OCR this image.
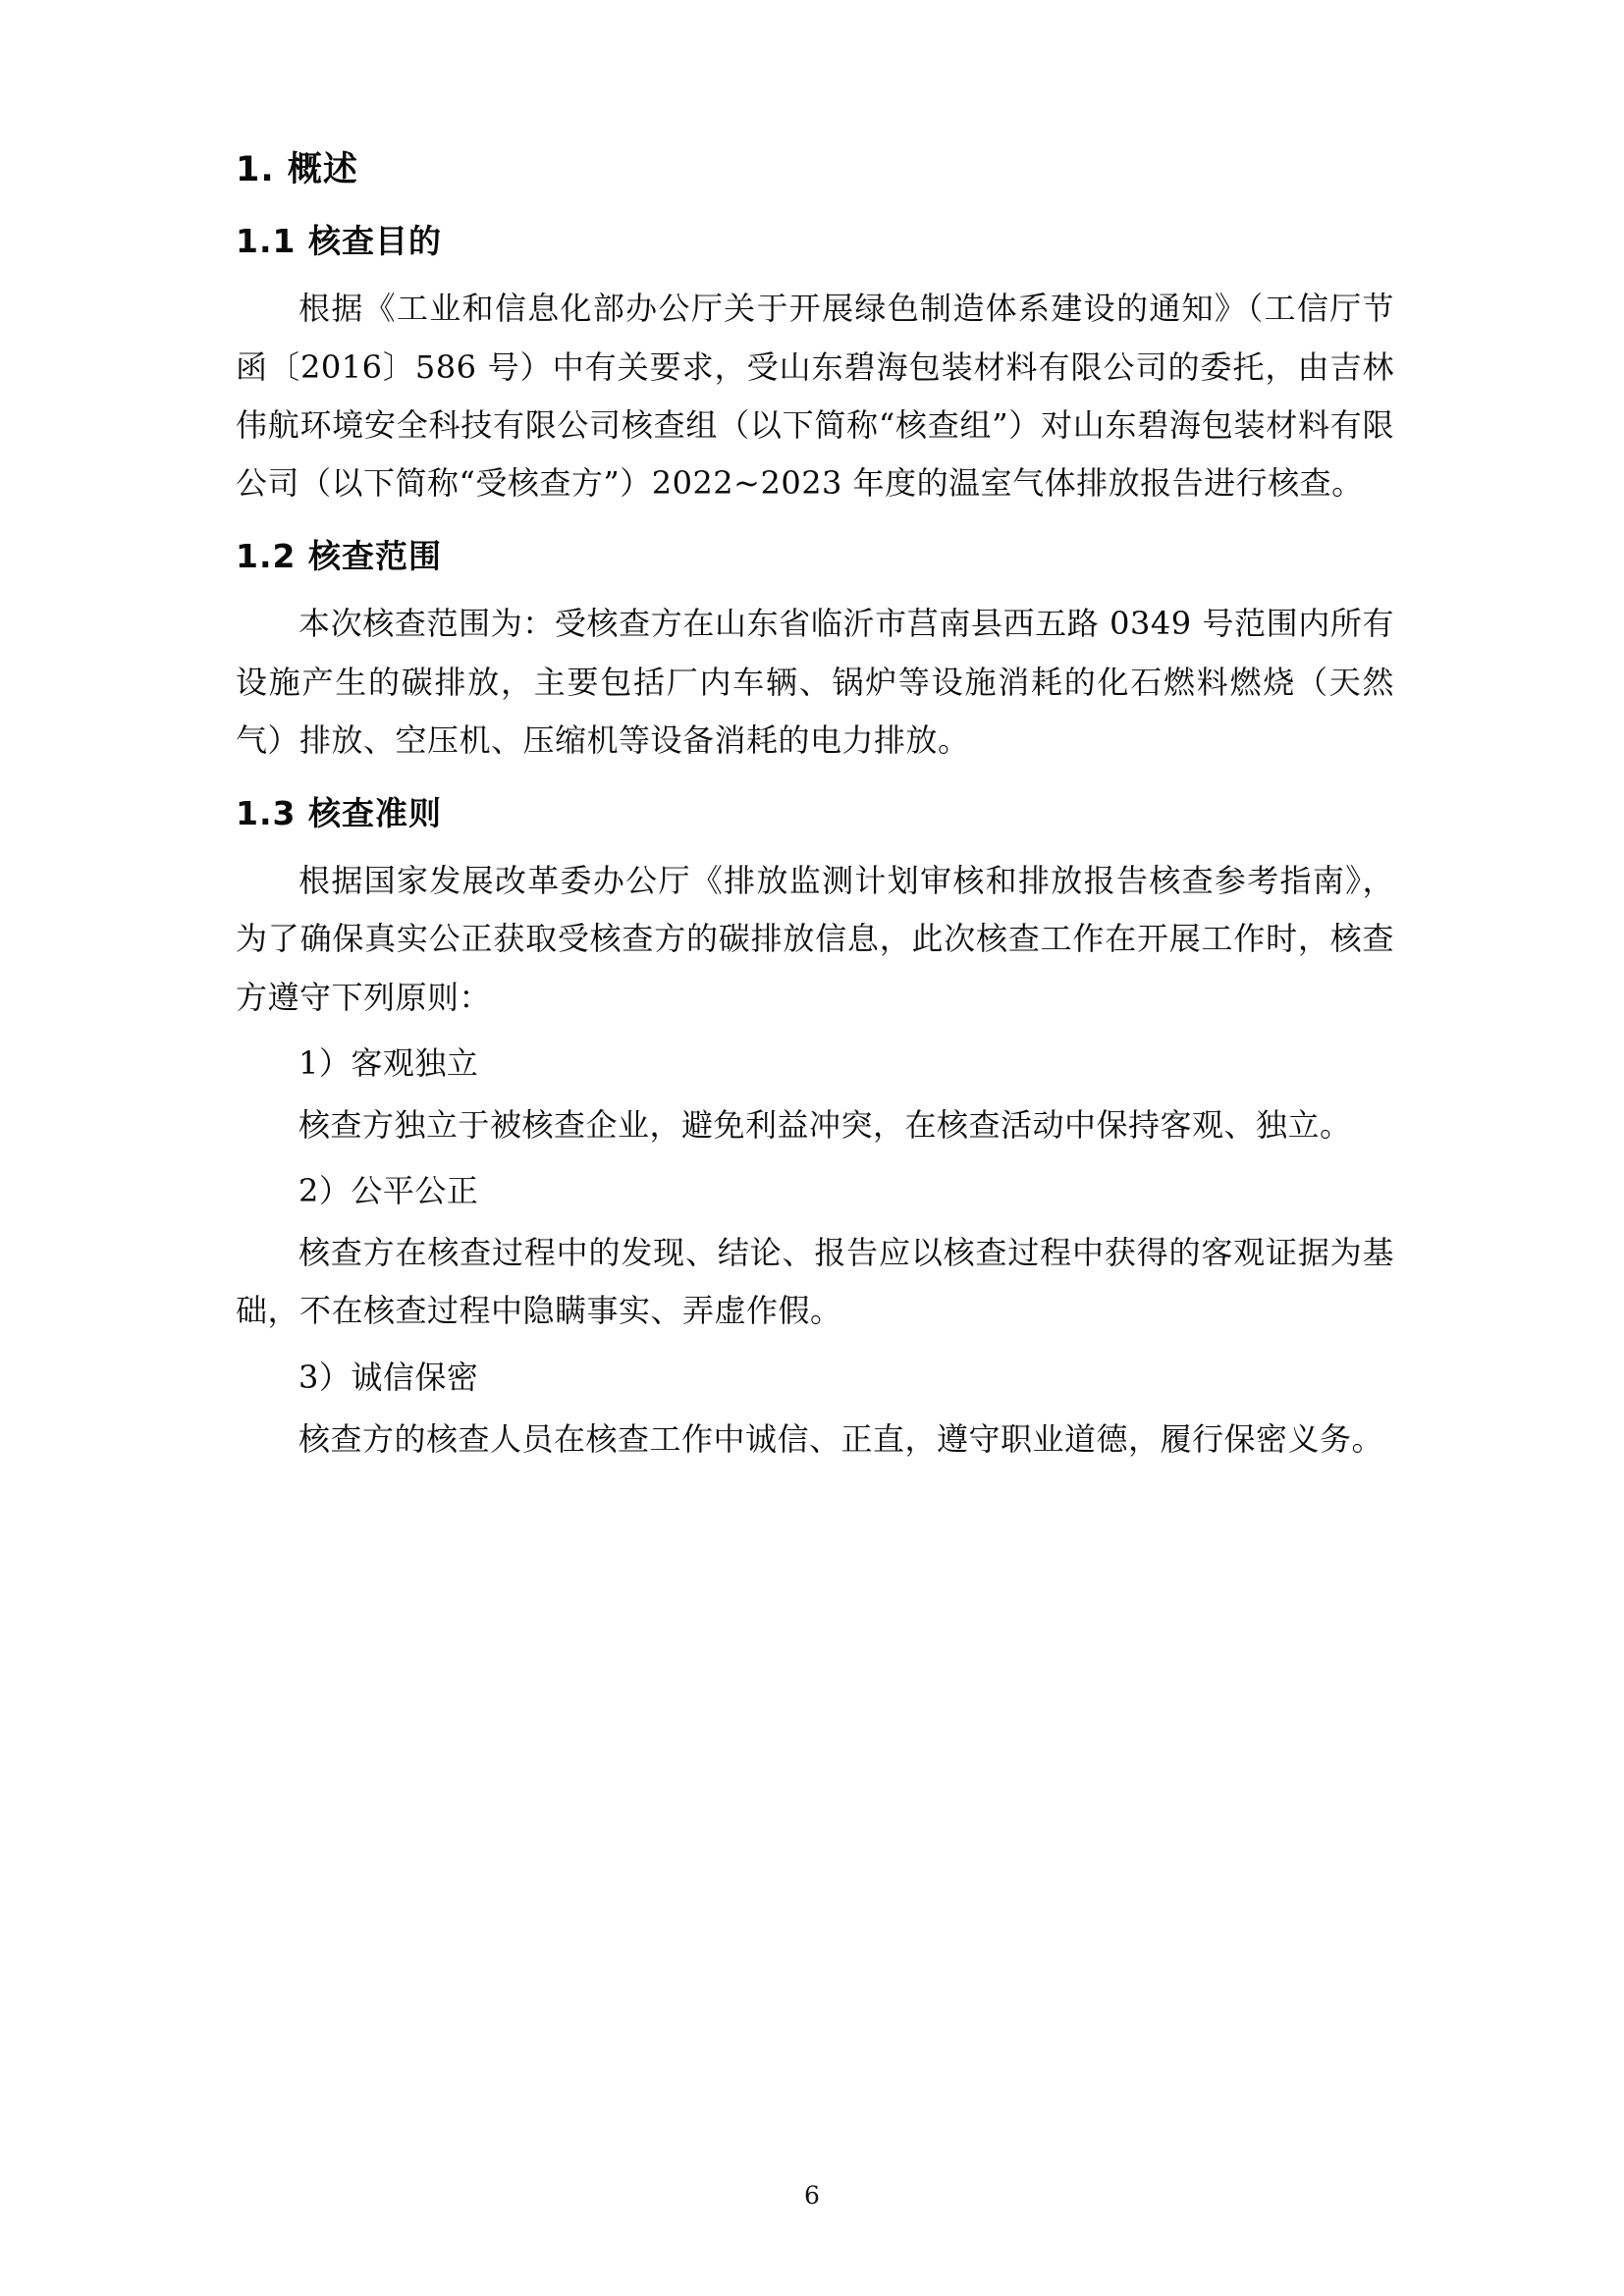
1. 概述
1.1 核查目的

根据《工业和信息化部办公厅关于开展绿色制造体系建设的通知》（工信厅节函〔2016〕586 号）中有关要求，受山东碧海包装材料有限公司的委托，由吉林伟航环境安全科技有限公司核查组（以下简称“核查组”）对山东碧海包装材料有限公司（以下简称“受核查方”）2022~2023 年度的温室气体排放报告进行核查。

1.2 核查范围

本次核查范围为：受核查方在山东省临沂市莒南县西五路 0349 号范围内所有设施产生的碳排放，主要包括厂内车辆、锅炉等设施消耗的化石燃料燃烧（天然气）排放、空压机、压缩机等设备消耗的电力排放。

1.3 核查准则

根据国家发展改革委办公厅《排放监测计划审核和排放报告核查参考指南》，为了确保真实公正获取受核查方的碳排放信息，此次核查工作在开展工作时，核查方遵守下列原则：

1）客观独立

核查方独立于被核查企业，避免利益冲突，在核查活动中保持客观、独立。

2）公平公正

核查方在核查过程中的发现、结论、报告应以核查过程中获得的客观证据为基础，不在核查过程中隐瞒事实、弄虚作假。

3）诚信保密

核查方的核查人员在核查工作中诚信、正直，遵守职业道德，履行保密义务。

6
